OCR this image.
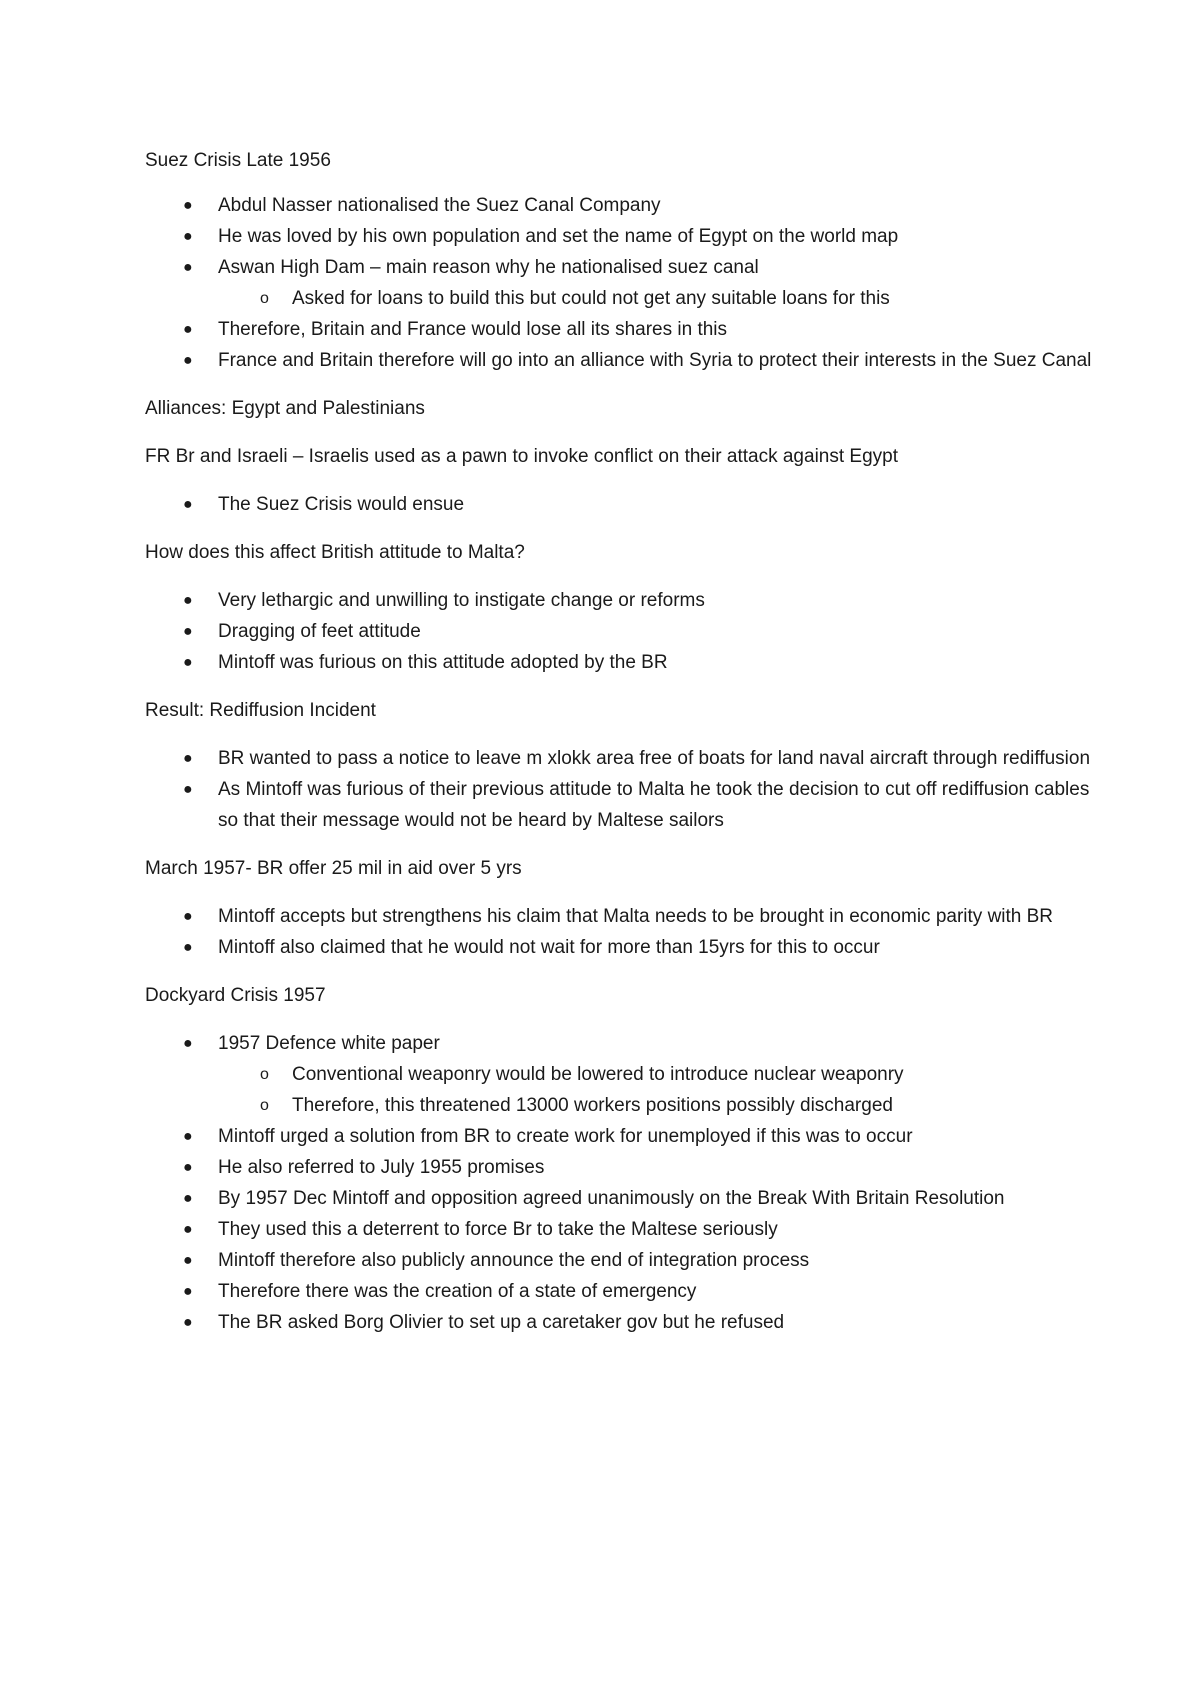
Suez Crisis Late 1956

● Abdul Nasser nationalised the Suez Canal Company
● He was loved by his own population and set the name of Egypt on the world map
● Aswan High Dam – main reason why he nationalised suez canal
o Asked for loans to build this but could not get any suitable loans for this
● Therefore, Britain and France would lose all its shares in this
● France and Britain therefore will go into an alliance with Syria to protect their interests in the Suez Canal

Alliances: Egypt and Palestinians

FR Br and Israeli – Israelis used as a pawn to invoke conflict on their attack against Egypt

● The Suez Crisis would ensue

How does this affect British attitude to Malta?

● Very lethargic and unwilling to instigate change or reforms
● Dragging of feet attitude
● Mintoff was furious on this attitude adopted by the BR

Result: Rediffusion Incident

● BR wanted to pass a notice to leave m xlokk area free of boats for land naval aircraft through rediffusion
● As Mintoff was furious of their previous attitude to Malta he took the decision to cut off rediffusion cables so that their message would not be heard by Maltese sailors

March 1957- BR offer 25 mil in aid over 5 yrs

● Mintoff accepts but strengthens his claim that Malta needs to be brought in economic parity with BR
● Mintoff also claimed that he would not wait for more than 15yrs for this to occur

Dockyard Crisis 1957

● 1957 Defence white paper
o Conventional weaponry would be lowered to introduce nuclear weaponry
o Therefore, this threatened 13000 workers positions possibly discharged
● Mintoff urged a solution from BR to create work for unemployed if this was to occur
● He also referred to July 1955 promises
● By 1957 Dec Mintoff and opposition agreed unanimously on the Break With Britain Resolution
● They used this a deterrent to force Br to take the Maltese seriously
● Mintoff therefore also publicly announce the end of integration process
● Therefore there was the creation of a state of emergency
● The BR asked Borg Olivier to set up a caretaker gov but he refused
